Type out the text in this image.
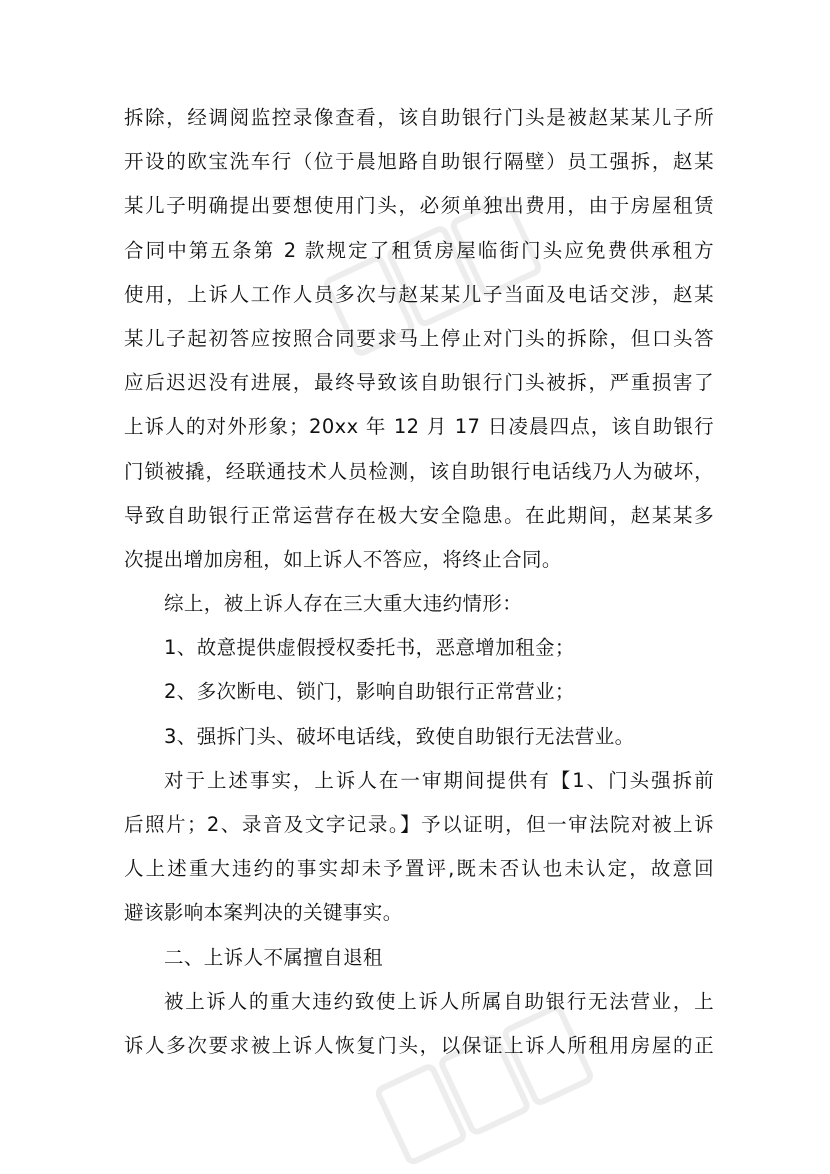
拆除，经调阅监控录像查看，该自助银行门头是被赵某某儿子所
开设的欧宝洗车行（位于晨旭路自助银行隔壁）员工强拆，赵某
某儿子明确提出要想使用门头，必须单独出费用，由于房屋租赁
合同中第五条第 2 款规定了租赁房屋临街门头应免费供承租方
使用，上诉人工作人员多次与赵某某儿子当面及电话交涉，赵某
某儿子起初答应按照合同要求马上停止对门头的拆除，但口头答
应后迟迟没有进展，最终导致该自助银行门头被拆，严重损害了
上诉人的对外形象；20xx 年 12 月 17 日凌晨四点，该自助银行
门锁被撬，经联通技术人员检测，该自助银行电话线乃人为破坏，
导致自助银行正常运营存在极大安全隐患。在此期间，赵某某多
次提出增加房租，如上诉人不答应，将终止合同。
综上，被上诉人存在三大重大违约情形：
1、故意提供虚假授权委托书，恶意增加租金；
2、多次断电、锁门，影响自助银行正常营业；
3、强拆门头、破坏电话线，致使自助银行无法营业。
对于上述事实，上诉人在一审期间提供有【1、门头强拆前
后照片；2、录音及文字记录。】予以证明，但一审法院对被上诉
人上述重大违约的事实却未予置评,既未否认也未认定，故意回
避该影响本案判决的关键事实。
二、上诉人不属擅自退租
被上诉人的重大违约致使上诉人所属自助银行无法营业，上
诉人多次要求被上诉人恢复门头，以保证上诉人所租用房屋的正
